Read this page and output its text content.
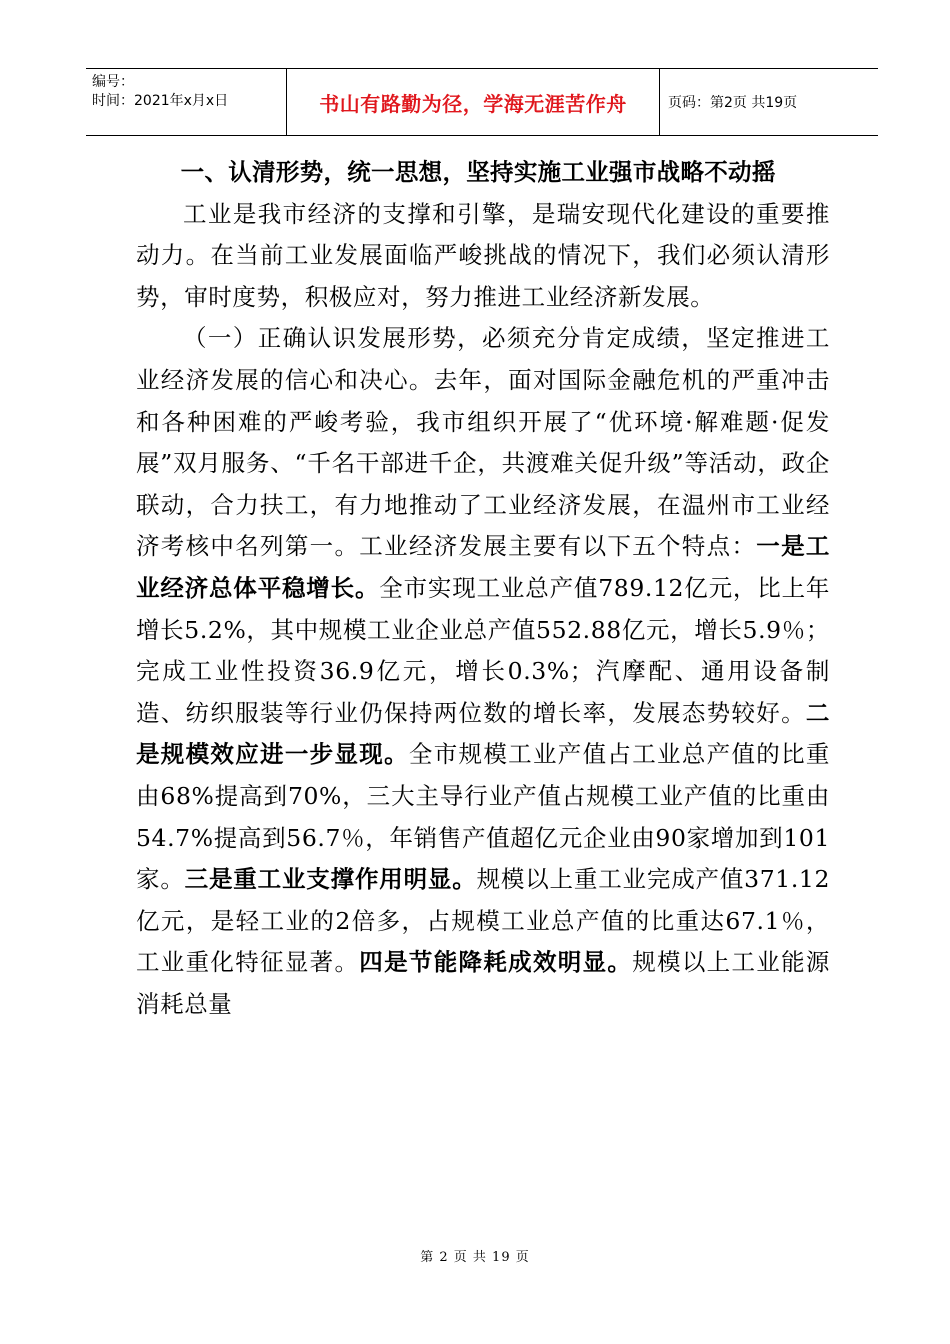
编号：
时间：2021年x月x日	书山有路勤为径，学海无涯苦作舟	页码：第2页 共19页
一、认清形势，统一思想，坚持实施工业强市战略不动摇

工业是我市经济的支撑和引擎，是瑞安现代化建设的重要推动力。在当前工业发展面临严峻挑战的情况下，我们必须认清形势，审时度势，积极应对，努力推进工业经济新发展。

（一）正确认识发展形势，必须充分肯定成绩，坚定推进工业经济发展的信心和决心。去年，面对国际金融危机的严重冲击和各种困难的严峻考验，我市组织开展了“优环境·解难题·促发展”双月服务、“千名干部进千企，共渡难关促升级”等活动，政企联动，合力扶工，有力地推动了工业经济发展，在温州市工业经济考核中名列第一。工业经济发展主要有以下五个特点：一是工业经济总体平稳增长。全市实现工业总产值789.12亿元，比上年增长5.2%，其中规模工业企业总产值552.88亿元，增长5.9％；完成工业性投资36.9亿元，增长0.3%；汽摩配、通用设备制造、纺织服装等行业仍保持两位数的增长率，发展态势较好。二是规模效应进一步显现。全市规模工业产值占工业总产值的比重由68%提高到70%，三大主导行业产值占规模工业产值的比重由54.7%提高到56.7％，年销售产值超亿元企业由90家增加到101家。三是重工业支撑作用明显。规模以上重工业完成产值371.12亿元，是轻工业的2倍多，占规模工业总产值的比重达67.1％，工业重化特征显著。四是节能降耗成效明显。规模以上工业能源消耗总量

第 2 页 共 19 页
